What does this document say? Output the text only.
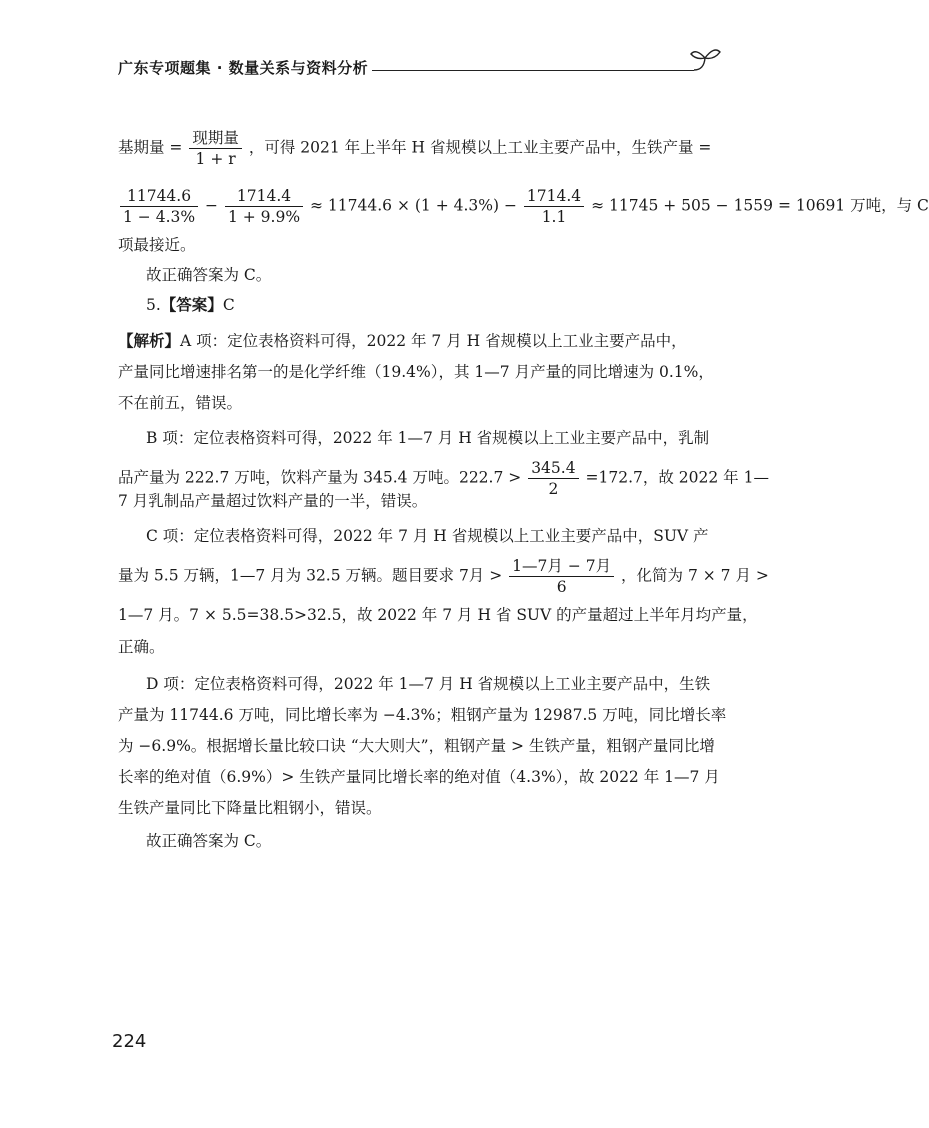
广东专项题集 · 数量关系与资料分析
基期量 = $\frac{\text{现期量}}{1 + r}$ ，可得 2021 年上半年 H 省规模以上工业主要产品中，生铁产量 =
$\frac{11744.6}{1 - 4.3\%} - \frac{1714.4}{1 + 9.9\%} \approx 11744.6 \times (1 + 4.3\%) - \frac{1714.4}{1.1} \approx 11745 + 505 - 1559 = 10691$ 万吨，与 C
项最接近。
故正确答案为 C。
5.【答案】C
【解析】A 项：定位表格资料可得，2022 年 7 月 H 省规模以上工业主要产品中，
产量同比增速排名第一的是化学纤维（19.4%），其 1—7 月产量的同比增速为 0.1%，
不在前五，错误。
B 项：定位表格资料可得，2022 年 1—7 月 H 省规模以上工业主要产品中，乳制
品产量为 222.7 万吨，饮料产量为 345.4 万吨。$222.7 > \frac{345.4}{2} =172.7$，故 2022 年 1—
7 月乳制品产量超过饮料产量的一半，错误。
C 项：定位表格资料可得，2022 年 7 月 H 省规模以上工业主要产品中，SUV 产
量为 5.5 万辆，1—7 月为 32.5 万辆。题目要求 7月 > $\frac{\text{1—7月 − 7月}}{6}$ ，化简为 7 × 7 月 >
1—7 月。7 × 5.5=38.5>32.5，故 2022 年 7 月 H 省 SUV 的产量超过上半年月均产量，
正确。
D 项：定位表格资料可得，2022 年 1—7 月 H 省规模以上工业主要产品中，生铁
产量为 11744.6 万吨，同比增长率为 −4.3%；粗钢产量为 12987.5 万吨，同比增长率
为 −6.9%。根据增长量比较口诀 “大大则大”，粗钢产量 > 生铁产量，粗钢产量同比增
长率的绝对值（6.9%）> 生铁产量同比增长率的绝对值（4.3%），故 2022 年 1—7 月
生铁产量同比下降量比粗钢小，错误。
故正确答案为 C。
224
